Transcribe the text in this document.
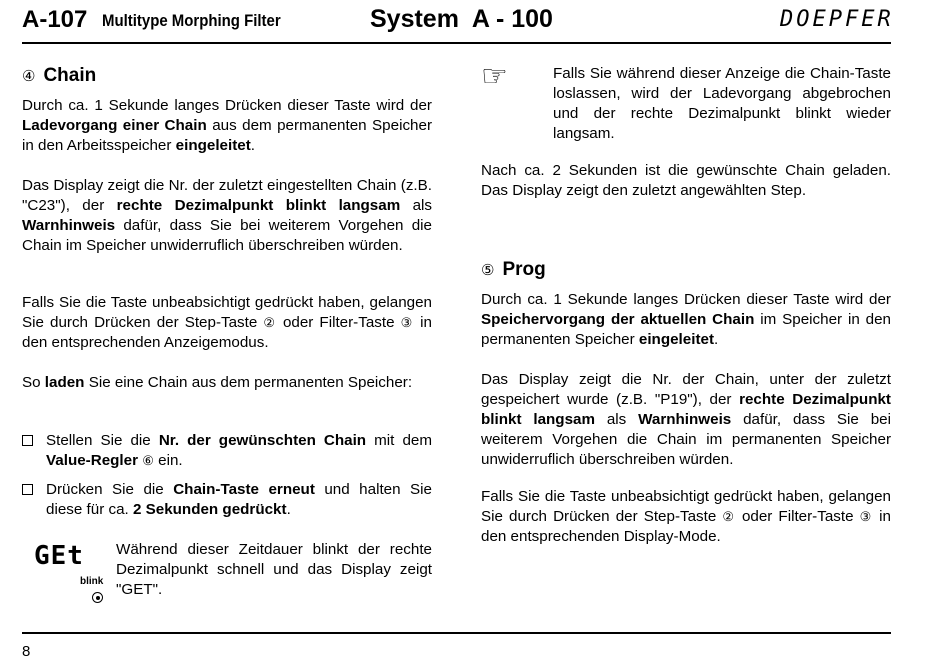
A-107 Multitype Morphing Filter	System  A - 100	DOEPFER
④ Chain

Durch ca. 1 Sekunde langes Drücken dieser Taste wird der Ladevorgang einer Chain aus dem permanenten Speicher in den Arbeitsspeicher eingeleitet.

Das Display zeigt die Nr. der zuletzt eingestellten Chain (z.B. "C23"), der rechte Dezimalpunkt blinkt langsam als Warnhinweis dafür, dass Sie bei weiterem Vorgehen die Chain im Speicher unwiderruflich überschreiben würden.

Falls Sie die Taste unbeabsichtigt gedrückt haben, gelangen Sie durch Drücken der Step-Taste ② oder Filter-Taste ③ in den entsprechenden Anzeigemodus.

So laden Sie eine Chain aus dem permanenten Speicher:

Stellen Sie die Nr. der gewünschten Chain mit dem Value-Regler ⑥ ein.
Drücken Sie die Chain-Taste erneut und halten Sie diese für ca. 2 Sekunden gedrückt.
GEt
blink

Während dieser Zeitdauer blinkt der rechte Dezimalpunkt schnell und das Display zeigt "GET".

☞	Falls Sie während dieser Anzeige die Chain-Taste loslassen, wird der Ladevorgang abgebrochen und der rechte Dezimalpunkt blinkt wieder langsam.

Nach ca. 2 Sekunden ist die gewünschte Chain geladen. Das Display zeigt den zuletzt angewählten Step.

⑤ Prog

Durch ca. 1 Sekunde langes Drücken dieser Taste wird der Speichervorgang der aktuellen Chain im Speicher in den permanenten Speicher eingeleitet.

Das Display zeigt die Nr. der Chain, unter der zuletzt gespeichert wurde (z.B. "P19"), der rechte Dezimalpunkt blinkt langsam als Warnhinweis dafür, dass Sie bei weiterem Vorgehen die Chain im permanenten Speicher unwiderruflich überschreiben würden.

Falls Sie die Taste unbeabsichtigt gedrückt haben, gelangen Sie durch Drücken der Step-Taste ② oder Filter-Taste ③ in den entsprechenden Display-Mode.

8
